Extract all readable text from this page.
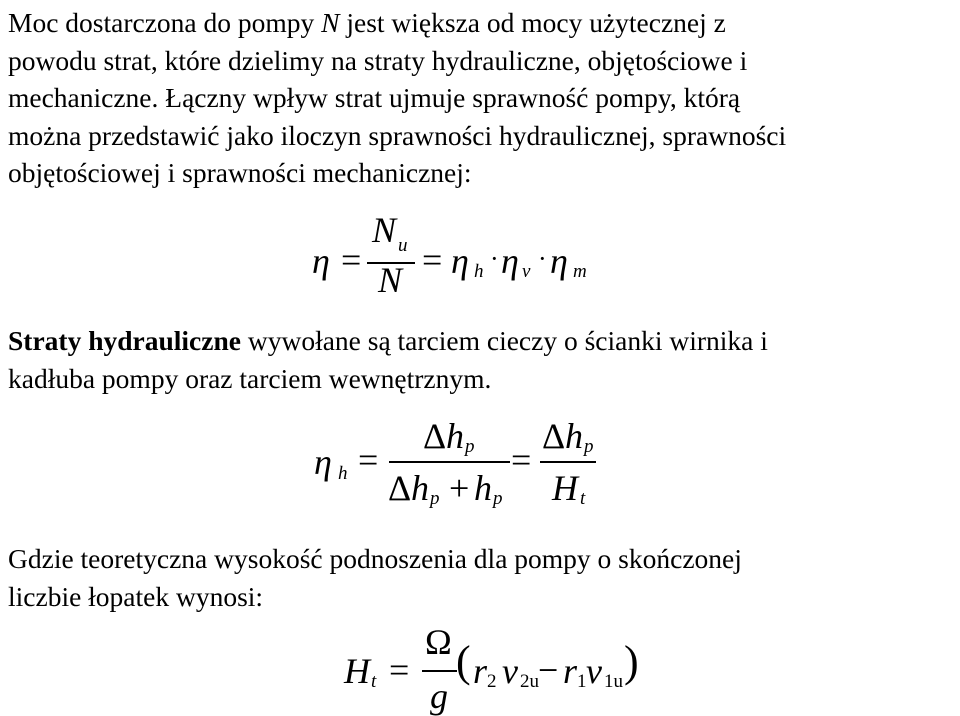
Moc dostarczona do pompy N jest większa od mocy użytecznej z
powodu strat, które dzielimy na straty hydrauliczne, objętościowe i
mechaniczne. Łączny wpływ strat ujmuje sprawność pompy, którą
można przedstawić jako iloczyn sprawności hydraulicznej, sprawności
objętościowej i sprawności mechanicznej:
η =
N u
N = η h · η v · η m
Straty hydrauliczne wywołane są tarciem cieczy o ścianki wirnika i
kadłuba pompy oraz tarciem wewnętrznym.
η h =
Δ h p
Δ h p + h p
=
Δ h p
H t
Gdzie teoretyczna wysokość podnoszenia dla pompy o skończonej
liczbie łopatek wynosi:
H t =
Ω
g
( r 2 v 2u − r 1 v 1u )
